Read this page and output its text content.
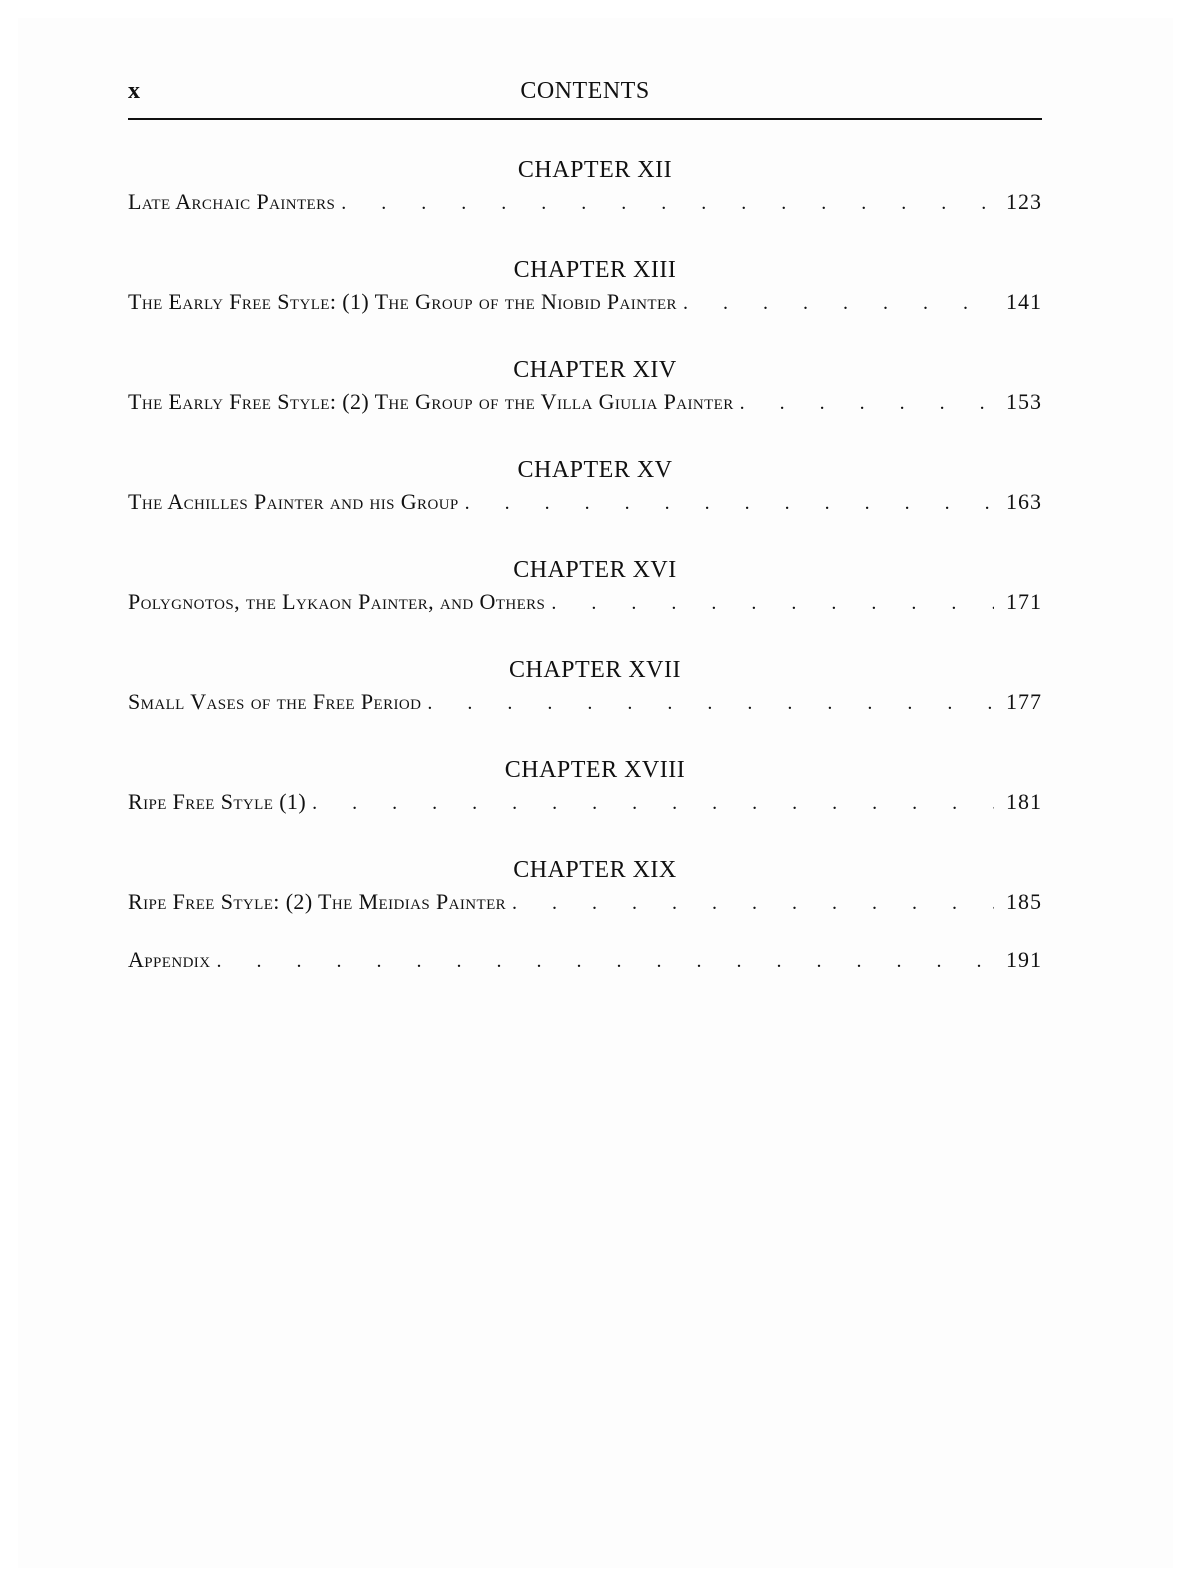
x	CONTENTS
CHAPTER XII
Late Archaic Painters . . .	123
CHAPTER XIII
The Early Free Style: (1) The Group of the Niobid Painter . . .	141
CHAPTER XIV
The Early Free Style: (2) The Group of the Villa Giulia Painter . . .	153
CHAPTER XV
The Achilles Painter and his Group . . .	163
CHAPTER XVI
Polygnotos, the Lykaon Painter, and Others . . .	171
CHAPTER XVII
Small Vases of the Free Period . . .	177
CHAPTER XVIII
Ripe Free Style (1) . . .	181
CHAPTER XIX
Ripe Free Style: (2) The Meidias Painter . . .	185
Appendix . . .	191
